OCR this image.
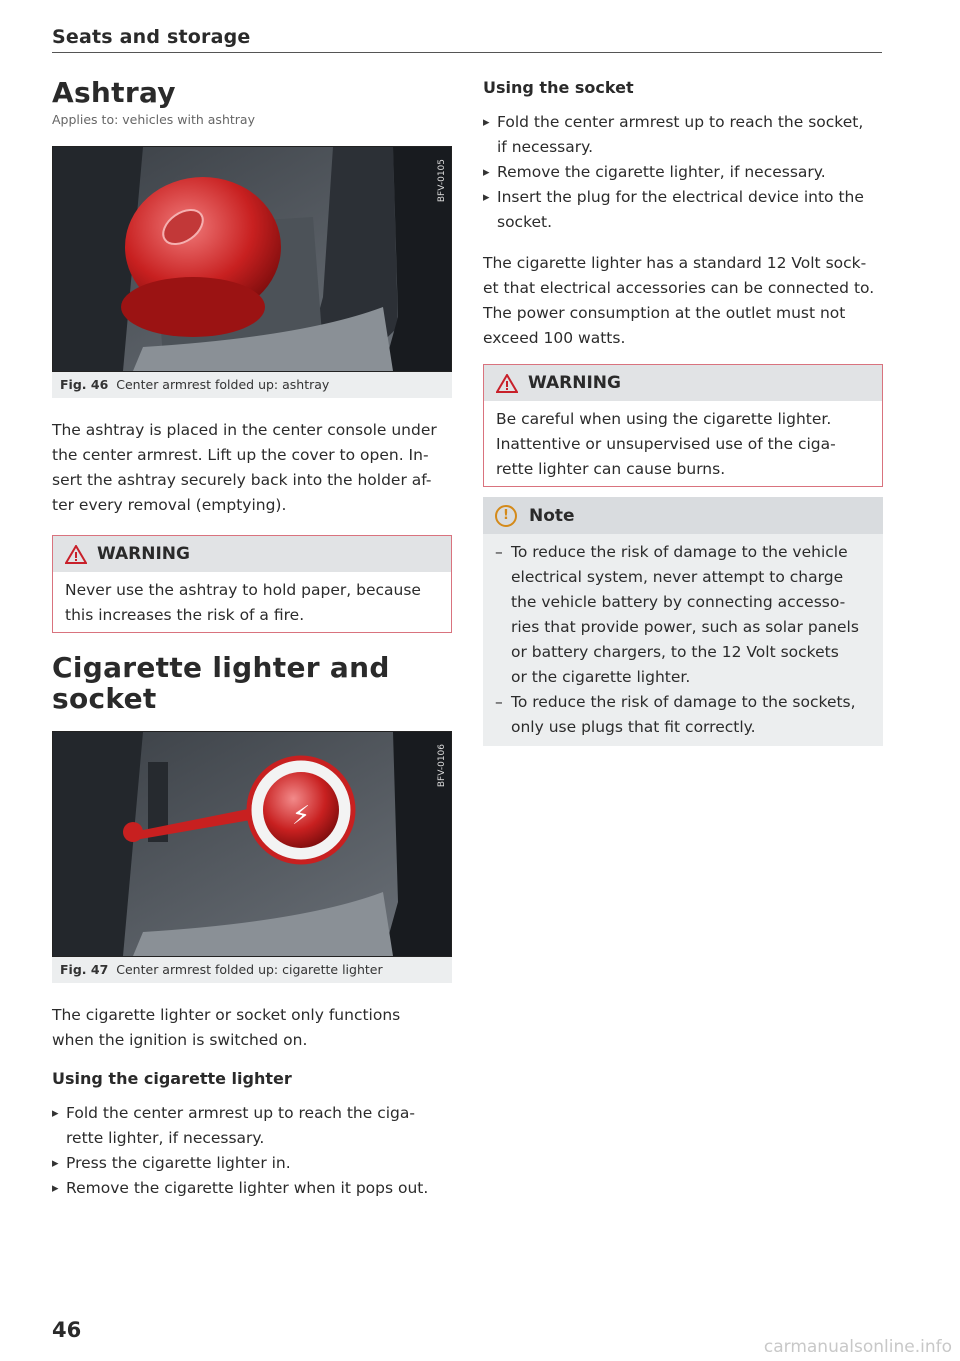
Seats and storage
Ashtray
Applies to: vehicles with ashtray
BFV-0105
Fig. 46 Center armrest folded up: ashtray

The ashtray is placed in the center console under
the center armrest. Lift up the cover to open. In-
sert the ashtray securely back into the holder af-
ter every removal (emptying).

WARNING
Never use the ashtray to hold paper, because
this increases the risk of a fire.
Cigarette lighter and
socket
⚡
BFV-0106
Fig. 47 Center armrest folded up: cigarette lighter

The cigarette lighter or socket only functions
when the ignition is switched on.

Using the cigarette lighter
▸ Fold the center armrest up to reach the ciga-
rette lighter, if necessary.
▸ Press the cigarette lighter in.
▸ Remove the cigarette lighter when it pops out.
Using the socket
▸ Fold the center armrest up to reach the socket,
if necessary.
▸ Remove the cigarette lighter, if necessary.
▸ Insert the plug for the electrical device into the
socket.

The cigarette lighter has a standard 12 Volt sock-
et that electrical accessories can be connected to.
The power consumption at the outlet must not
exceed 100 watts.

WARNING
Be careful when using the cigarette lighter.
Inattentive or unsupervised use of the ciga-
rette lighter can cause burns.
!	Note
– To reduce the risk of damage to the vehicle
electrical system, never attempt to charge
the vehicle battery by connecting accesso-
ries that provide power, such as solar panels
or battery chargers, to the 12 Volt sockets
or the cigarette lighter.
– To reduce the risk of damage to the sockets,
only use plugs that fit correctly.
46
carmanualsonline.info
